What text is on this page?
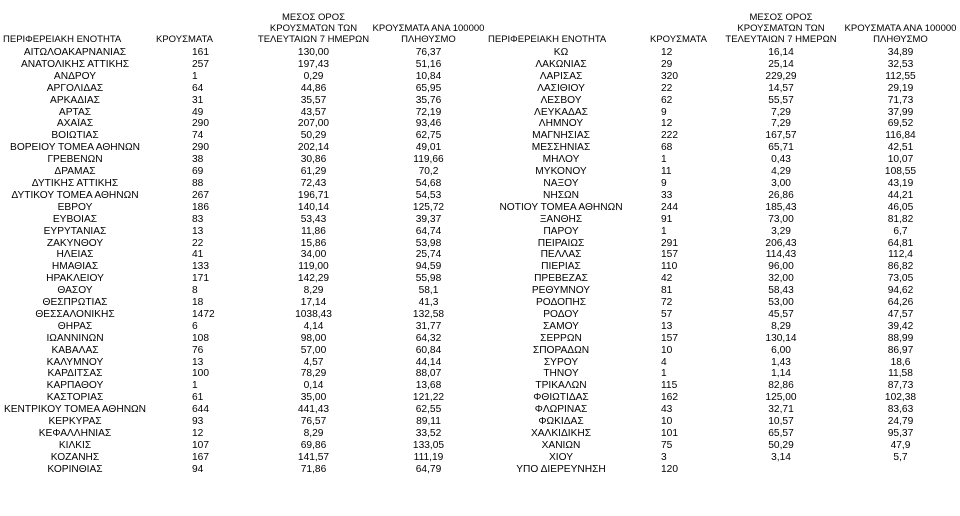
ΠΕΡΙΦΕΡΕΙΑΚΗ ΕΝΟΤΗΤΑ	ΚΡΟΥΣΜΑΤΑ	ΜΕΣΟΣ ΟΡΟΣ ΚΡΟΥΣΜΑΤΩΝ ΤΩΝ ΤΕΛΕΥΤΑΙΩΝ 7 ΗΜΕΡΩΝ	ΚΡΟΥΣΜΑΤΑ ΑΝΑ 100000 ΠΛΗΘΥΣΜΟ
ΑΙΤΩΛΟΑΚΑΡΝΑΝΙΑΣ	161	130,00	76,37
ΑΝΑΤΟΛΙΚΗΣ ΑΤΤΙΚΗΣ	257	197,43	51,16
ΑΝΔΡΟΥ	1	0,29	10,84
ΑΡΓΟΛΙΔΑΣ	64	44,86	65,95
ΑΡΚΑΔΙΑΣ	31	35,57	35,76
ΑΡΤΑΣ	49	43,57	72,19
ΑΧΑΪΑΣ	290	207,00	93,46
ΒΟΙΩΤΙΑΣ	74	50,29	62,75
ΒΟΡΕΙΟΥ ΤΟΜΕΑ ΑΘΗΝΩΝ	290	202,14	49,01
ΓΡΕΒΕΝΩΝ	38	30,86	119,66
ΔΡΑΜΑΣ	69	61,29	70,2
ΔΥΤΙΚΗΣ ΑΤΤΙΚΗΣ	88	72,43	54,68
ΔΥΤΙΚΟΥ ΤΟΜΕΑ ΑΘΗΝΩΝ	267	196,71	54,53
ΕΒΡΟΥ	186	140,14	125,72
ΕΥΒΟΙΑΣ	83	53,43	39,37
ΕΥΡΥΤΑΝΙΑΣ	13	11,86	64,74
ΖΑΚΥΝΘΟΥ	22	15,86	53,98
ΗΛΕΙΑΣ	41	34,00	25,74
ΗΜΑΘΙΑΣ	133	119,00	94,59
ΗΡΑΚΛΕΙΟΥ	171	142,29	55,98
ΘΑΣΟΥ	8	8,29	58,1
ΘΕΣΠΡΩΤΙΑΣ	18	17,14	41,3
ΘΕΣΣΑΛΟΝΙΚΗΣ	1472	1038,43	132,58
ΘΗΡΑΣ	6	4,14	31,77
ΙΩΑΝΝΙΝΩΝ	108	98,00	64,32
ΚΑΒΑΛΑΣ	76	57,00	60,84
ΚΑΛΥΜΝΟΥ	13	4,57	44,14
ΚΑΡΔΙΤΣΑΣ	100	78,29	88,07
ΚΑΡΠΑΘΟΥ	1	0,14	13,68
ΚΑΣΤΟΡΙΑΣ	61	35,00	121,22
ΚΕΝΤΡΙΚΟΥ ΤΟΜΕΑ ΑΘΗΝΩΝ	644	441,43	62,55
ΚΕΡΚΥΡΑΣ	93	76,57	89,11
ΚΕΦΑΛΛΗΝΙΑΣ	12	8,29	33,52
ΚΙΛΚΙΣ	107	69,86	133,05
ΚΟΖΑΝΗΣ	167	141,57	111,19
ΚΟΡΙΝΘΙΑΣ	94	71,86	64,79
ΠΕΡΙΦΕΡΕΙΑΚΗ ΕΝΟΤΗΤΑ	ΚΡΟΥΣΜΑΤΑ	ΜΕΣΟΣ ΟΡΟΣ ΚΡΟΥΣΜΑΤΩΝ ΤΩΝ ΤΕΛΕΥΤΑΙΩΝ 7 ΗΜΕΡΩΝ	ΚΡΟΥΣΜΑΤΑ ΑΝΑ 100000 ΠΛΗΘΥΣΜΟ
ΚΩ	12	16,14	34,89
ΛΑΚΩΝΙΑΣ	29	25,14	32,53
ΛΑΡΙΣΑΣ	320	229,29	112,55
ΛΑΣΙΘΙΟΥ	22	14,57	29,19
ΛΕΣΒΟΥ	62	55,57	71,73
ΛΕΥΚΑΔΑΣ	9	7,29	37,99
ΛΗΜΝΟΥ	12	7,29	69,52
ΜΑΓΝΗΣΙΑΣ	222	167,57	116,84
ΜΕΣΣΗΝΙΑΣ	68	65,71	42,51
ΜΗΛΟΥ	1	0,43	10,07
ΜΥΚΟΝΟΥ	11	4,29	108,55
ΝΑΞΟΥ	9	3,00	43,19
ΝΗΣΩΝ	33	26,86	44,21
ΝΟΤΙΟΥ ΤΟΜΕΑ ΑΘΗΝΩΝ	244	185,43	46,05
ΞΑΝΘΗΣ	91	73,00	81,82
ΠΑΡΟΥ	1	3,29	6,7
ΠΕΙΡΑΙΩΣ	291	206,43	64,81
ΠΕΛΛΑΣ	157	114,43	112,4
ΠΙΕΡΙΑΣ	110	96,00	86,82
ΠΡΕΒΕΖΑΣ	42	32,00	73,05
ΡΕΘΥΜΝΟΥ	81	58,43	94,62
ΡΟΔΟΠΗΣ	72	53,00	64,26
ΡΟΔΟΥ	57	45,57	47,57
ΣΑΜΟΥ	13	8,29	39,42
ΣΕΡΡΩΝ	157	130,14	88,99
ΣΠΟΡΑΔΩΝ	10	6,00	86,97
ΣΥΡΟΥ	4	1,43	18,6
ΤΗΝΟΥ	1	1,14	11,58
ΤΡΙΚΑΛΩΝ	115	82,86	87,73
ΦΘΙΩΤΙΔΑΣ	162	125,00	102,38
ΦΛΩΡΙΝΑΣ	43	32,71	83,63
ΦΩΚΙΔΑΣ	10	10,57	24,79
ΧΑΛΚΙΔΙΚΗΣ	101	65,57	95,37
ΧΑΝΙΩΝ	75	50,29	47,9
ΧΙΟΥ	3	3,14	5,7
ΥΠΟ ΔΙΕΡΕΥΝΗΣΗ	120		
